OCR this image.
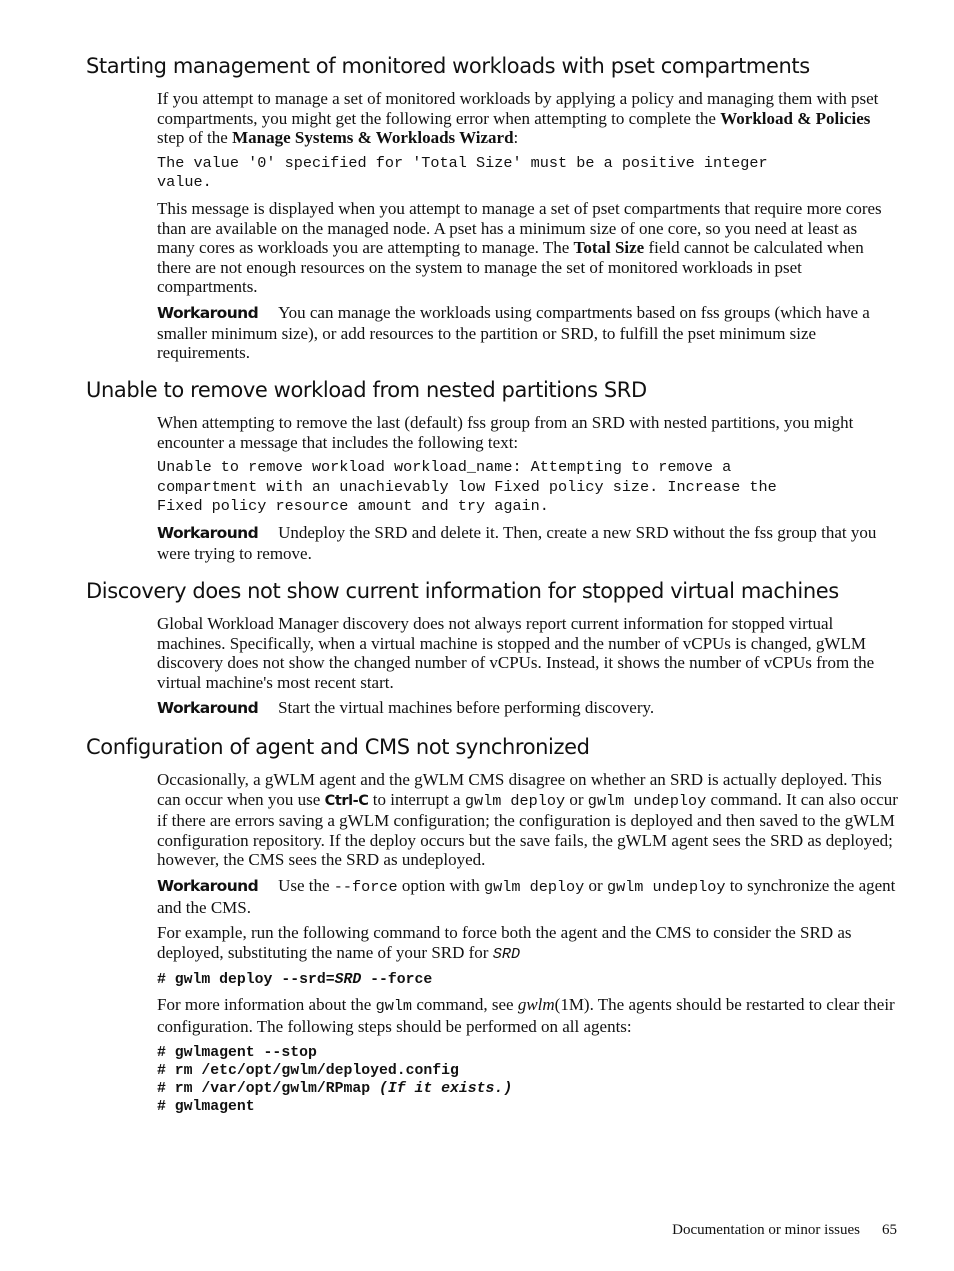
Starting management of monitored workloads with pset compartments

If you attempt to manage a set of monitored workloads by applying a policy and managing them with pset compartments, you might get the following error when attempting to complete the Workload & Policies step of the Manage Systems & Workloads Wizard:

The value '0' specified for 'Total Size' must be a positive integer
value.

This message is displayed when you attempt to manage a set of pset compartments that require more cores than are available on the managed node. A pset has a minimum size of one core, so you need at least as many cores as workloads you are attempting to manage. The Total Size field cannot be calculated when there are not enough resources on the system to manage the set of monitored workloads in pset compartments.

Workaround You can manage the workloads using compartments based on fss groups (which have a smaller minimum size), or add resources to the partition or SRD, to fulfill the pset minimum size requirements.

Unable to remove workload from nested partitions SRD

When attempting to remove the last (default) fss group from an SRD with nested partitions, you might encounter a message that includes the following text:

Unable to remove workload workload_name: Attempting to remove a
compartment with an unachievably low Fixed policy size. Increase the
Fixed policy resource amount and try again.

Workaround Undeploy the SRD and delete it. Then, create a new SRD without the fss group that you were trying to remove.

Discovery does not show current information for stopped virtual machines

Global Workload Manager discovery does not always report current information for stopped virtual machines. Specifically, when a virtual machine is stopped and the number of vCPUs is changed, gWLM discovery does not show the changed number of vCPUs. Instead, it shows the number of vCPUs from the virtual machine's most recent start.

Workaround Start the virtual machines before performing discovery.

Configuration of agent and CMS not synchronized

Occasionally, a gWLM agent and the gWLM CMS disagree on whether an SRD is actually deployed. This can occur when you use Ctrl-C to interrupt a gwlm deploy or gwlm undeploy command. It can also occur if there are errors saving a gWLM configuration; the configuration is deployed and then saved to the gWLM configuration repository. If the deploy occurs but the save fails, the gWLM agent sees the SRD as deployed; however, the CMS sees the SRD as undeployed.

Workaround Use the --force option with gwlm deploy or gwlm undeploy to synchronize the agent and the CMS.

For example, run the following command to force both the agent and the CMS to consider the SRD as deployed, substituting the name of your SRD for SRD

# gwlm deploy --srd=SRD --force

For more information about the gwlm command, see gwlm(1M). The agents should be restarted to clear their configuration. The following steps should be performed on all agents:

# gwlmagent --stop
# rm /etc/opt/gwlm/deployed.config
# rm /var/opt/gwlm/RPmap (If it exists.)
# gwlmagent
Documentation or minor issues 65
